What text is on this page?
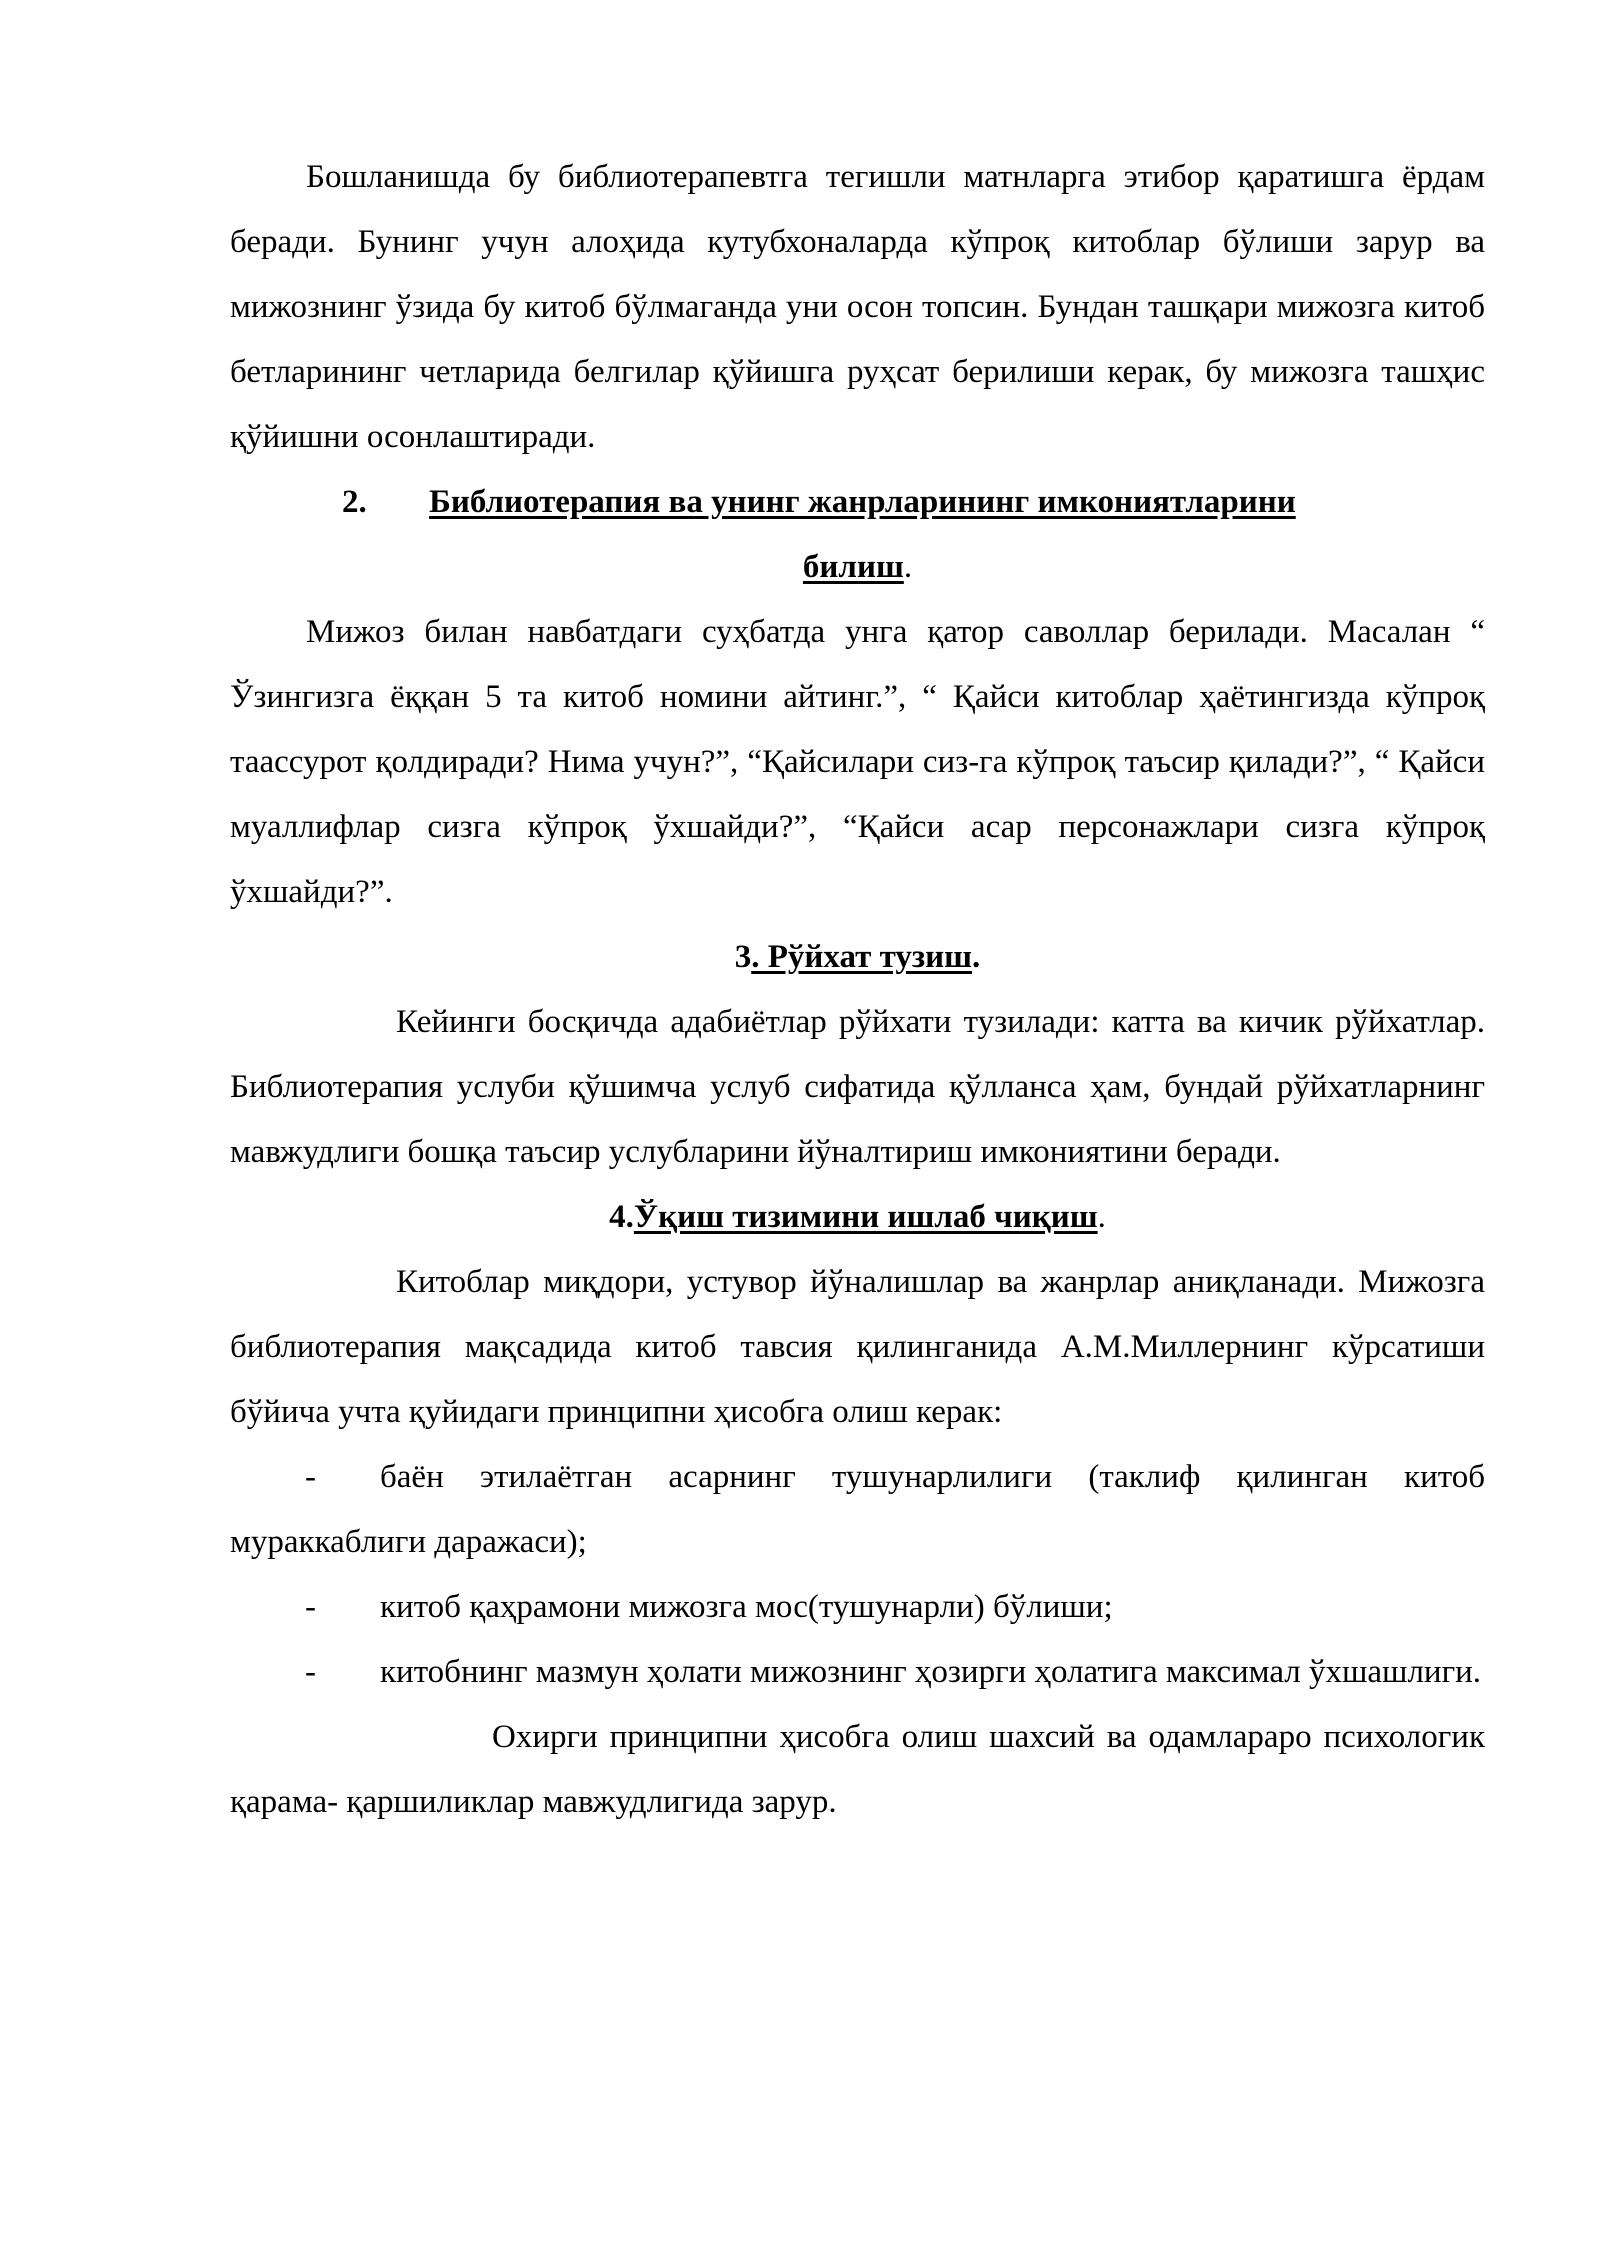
Бошланишда бу библиотерапевтга тегишли матнларга этибор қаратишга ёрдам беради. Бунинг учун алоҳида кутубхоналарда кўпроқ китоблар бўлиши зарур ва мижознинг ўзида бу китоб бўлмаганда уни осон топсин. Бундан ташқари мижозга китоб бетларининг четларида белгилар қўйишга руҳсат берилиши керак, бу мижозга ташҳис қўйишни осонлаштиради.

2. Библиотерапия ва унинг жанрларининг имкониятларини

билиш.

Мижоз билан навбатдаги суҳбатда унга қатор саволлар берилади. Масалан “ Ўзингизга ёққан 5 та китоб номини айтинг.”, “ Қайси китоблар ҳаётингизда кўпроқ таассурот қолдиради? Нима учун?”, “Қайсилари сиз-га кўпроқ таъсир қилади?”, “ Қайси муаллифлар сизга кўпроқ ўхшайди?”, “Қайси асар персонажлари сизга кўпроқ ўхшайди?”.

3. Рўйхат тузиш.

Кейинги босқичда адабиётлар рўйхати тузилади: катта ва кичик рўйхатлар. Библиотерапия услуби қўшимча услуб сифатида қўлланса ҳам, бундай рўйхатларнинг мавжудлиги бошқа таъсир услубларини йўналтириш имкониятини беради.

4.Ўқиш тизимини ишлаб чиқиш.

Китоблар миқдори, устувор йўналишлар ва жанрлар аниқланади. Мижозга библиотерапия мақсадида китоб тавсия қилинганида А.М.Миллернинг кўрсатиши бўйича учта қуйидаги принципни ҳисобга олиш керак:

- баён этилаётган асарнинг тушунарлилиги (таклиф қилинган китоб мураккаблиги даражаси);

- китоб қаҳрамони мижозга мос(тушунарли) бўлиши;

- китобнинг мазмун ҳолати мижознинг ҳозирги ҳолатига максимал ўхшашлиги.

Охирги принципни ҳисобга олиш шахсий ва одамлараро психологик қарама- қаршиликлар мавжудлигида зарур.
